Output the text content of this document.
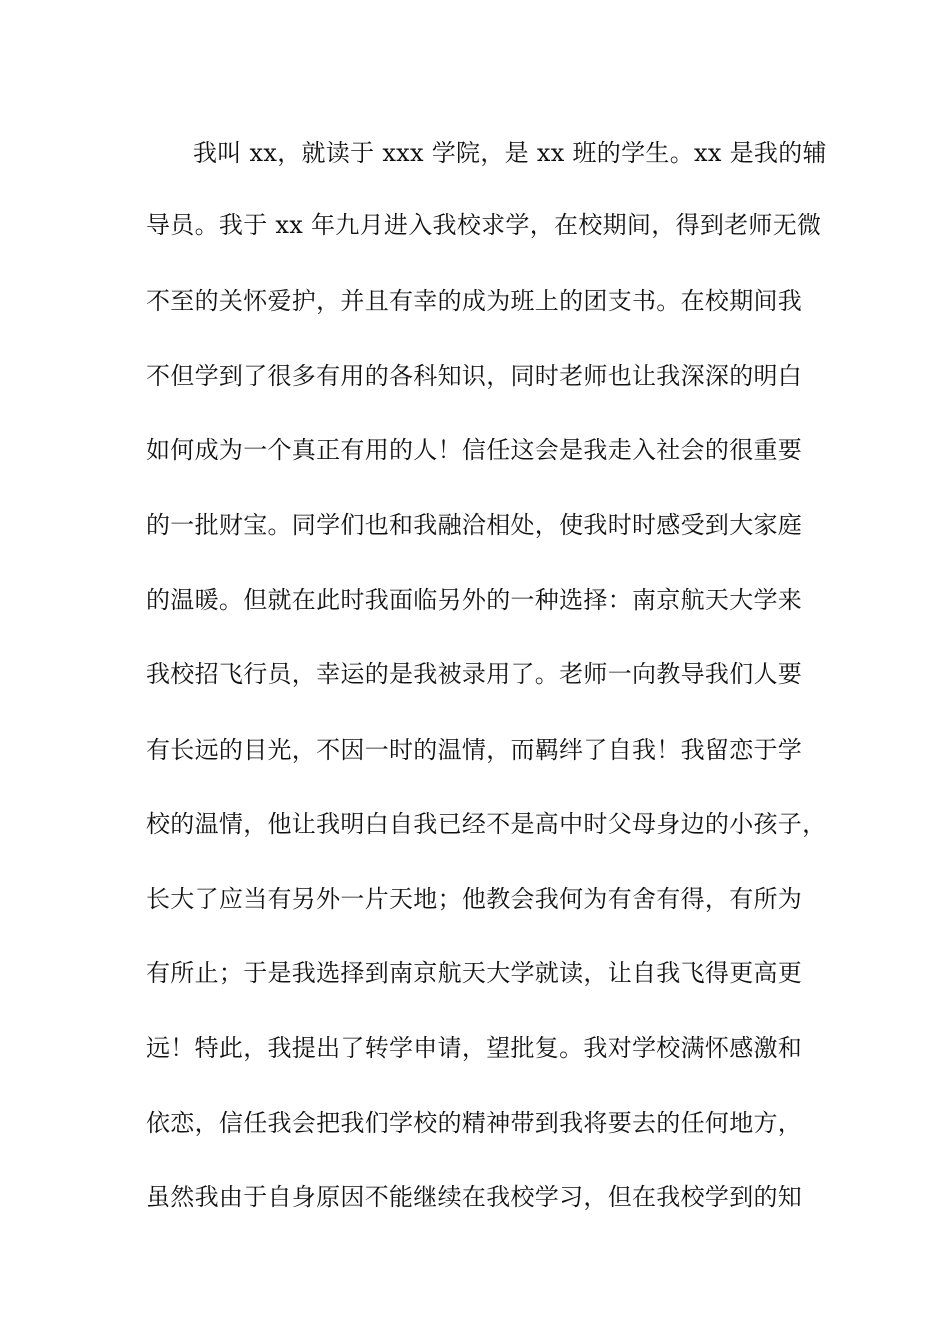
我叫 xx，就读于 xxx 学院，是 xx 班的学生。xx 是我的辅
导员。我于 xx 年九月进入我校求学，在校期间，得到老师无微
不至的关怀爱护，并且有幸的成为班上的团支书。在校期间我
不但学到了很多有用的各科知识，同时老师也让我深深的明白
如何成为一个真正有用的人！信任这会是我走入社会的很重要
的一批财宝。同学们也和我融洽相处，使我时时感受到大家庭
的温暖。但就在此时我面临另外的一种选择：南京航天大学来
我校招飞行员，幸运的是我被录用了。老师一向教导我们人要
有长远的目光，不因一时的温情，而羁绊了自我！我留恋于学
校的温情，他让我明白自我已经不是高中时父母身边的小孩子，
长大了应当有另外一片天地；他教会我何为有舍有得，有所为
有所止；于是我选择到南京航天大学就读，让自我飞得更高更
远！特此，我提出了转学申请，望批复。我对学校满怀感激和
依恋，信任我会把我们学校的精神带到我将要去的任何地方，
虽然我由于自身原因不能继续在我校学习，但在我校学到的知
